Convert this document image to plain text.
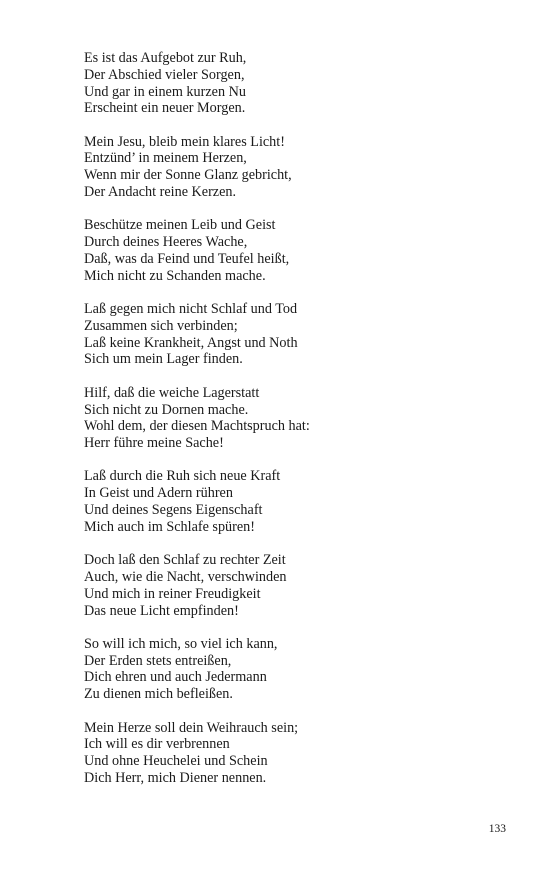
Es ist das Aufgebot zur Ruh,
Der Abschied vieler Sorgen,
Und gar in einem kurzen Nu
Erscheint ein neuer Morgen.
Mein Jesu, bleib mein klares Licht!
Entzünd’ in meinem Herzen,
Wenn mir der Sonne Glanz gebricht,
Der Andacht reine Kerzen.
Beschütze meinen Leib und Geist
Durch deines Heeres Wache,
Daß, was da Feind und Teufel heißt,
Mich nicht zu Schanden mache.
Laß gegen mich nicht Schlaf und Tod
Zusammen sich verbinden;
Laß keine Krankheit, Angst und Noth
Sich um mein Lager finden.
Hilf, daß die weiche Lagerstatt
Sich nicht zu Dornen mache.
Wohl dem, der diesen Machtspruch hat:
Herr führe meine Sache!
Laß durch die Ruh sich neue Kraft
In Geist und Adern rühren
Und deines Segens Eigenschaft
Mich auch im Schlafe spüren!
Doch laß den Schlaf zu rechter Zeit
Auch, wie die Nacht, verschwinden
Und mich in reiner Freudigkeit
Das neue Licht empfinden!
So will ich mich, so viel ich kann,
Der Erden stets entreißen,
Dich ehren und auch Jedermann
Zu dienen mich befleißen.
Mein Herze soll dein Weihrauch sein;
Ich will es dir verbrennen
Und ohne Heuchelei und Schein
Dich Herr, mich Diener nennen.
133
